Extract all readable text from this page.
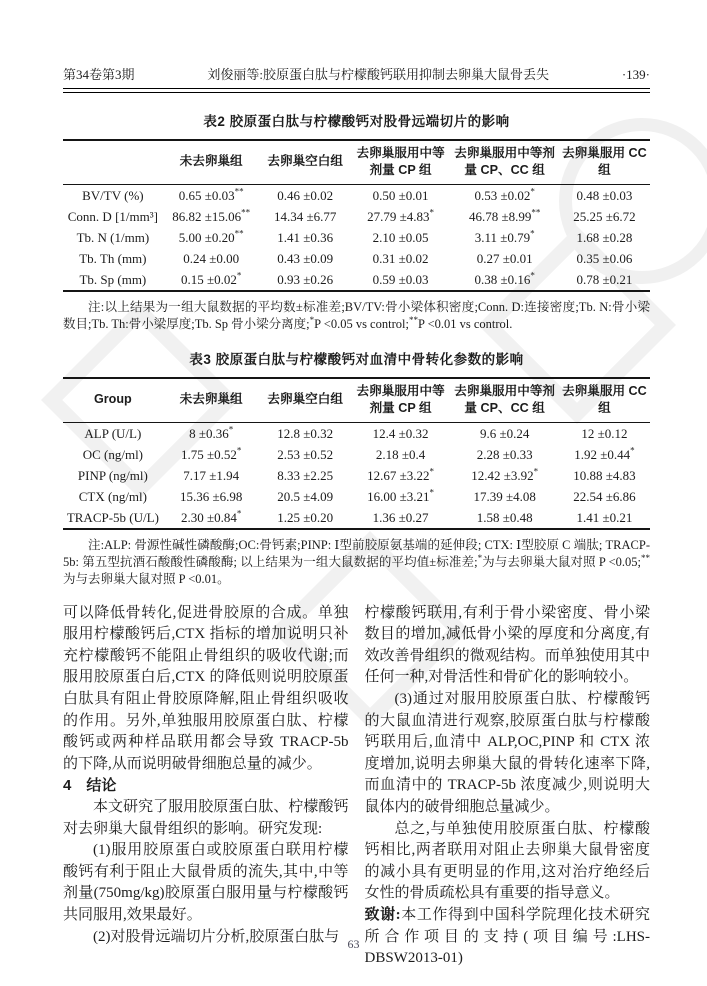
第34卷第3期	刘俊丽等:胶原蛋白肽与柠檬酸钙联用抑制去卵巢大鼠骨丢失	·139·
表2 胶原蛋白肽与柠檬酸钙对股骨远端切片的影响
	未去卵巢组	去卵巢空白组	去卵巢服用中等剂量 CP 组	去卵巢服用中等剂量 CP、CC 组	去卵巢服用 CC 组
BV/TV (%)	0.65 ±0.03**	0.46 ±0.02	0.50 ±0.01	0.53 ±0.02*	0.48 ±0.03
Conn. D [1/mm³]	86.82 ±15.06**	14.34 ±6.77	27.79 ±4.83*	46.78 ±8.99**	25.25 ±6.72
Tb. N (1/mm)	5.00 ±0.20**	1.41 ±0.36	2.10 ±0.05	3.11 ±0.79*	1.68 ±0.28
Tb. Th (mm)	0.24 ±0.00	0.43 ±0.09	0.31 ±0.02	0.27 ±0.01	0.35 ±0.06
Tb. Sp (mm)	0.15 ±0.02*	0.93 ±0.26	0.59 ±0.03	0.38 ±0.16*	0.78 ±0.21

注:以上结果为一组大鼠数据的平均数±标准差;BV/TV:骨小梁体积密度;Conn. D:连接密度;Tb. N:骨小梁数目;Tb. Th:骨小梁厚度;Tb. Sp 骨小梁分离度;*P <0.05 vs control;**P <0.01 vs control.

表3 胶原蛋白肽与柠檬酸钙对血清中骨转化参数的影响
Group	未去卵巢组	去卵巢空白组	去卵巢服用中等剂量 CP 组	去卵巢服用中等剂量 CP、CC 组	去卵巢服用 CC 组
ALP (U/L)	8 ±0.36*	12.8 ±0.32	12.4 ±0.32	9.6 ±0.24	12 ±0.12
OC (ng/ml)	1.75 ±0.52*	2.53 ±0.52	2.18 ±0.4	2.28 ±0.33	1.92 ±0.44*
PINP (ng/ml)	7.17 ±1.94	8.33 ±2.25	12.67 ±3.22*	12.42 ±3.92*	10.88 ±4.83
CTX (ng/ml)	15.36 ±6.98	20.5 ±4.09	16.00 ±3.21*	17.39 ±4.08	22.54 ±6.86
TRACP-5b (U/L)	2.30 ±0.84*	1.25 ±0.20	1.36 ±0.27	1.58 ±0.48	1.41 ±0.21

注:ALP: 骨源性碱性磷酸酶;OC:骨钙素;PINP: Ⅰ型前胶原氨基端的延伸段; CTX: Ⅰ型胶原 C 端肽; TRACP-5b: 第五型抗酒石酸酸性磷酸酶; 以上结果为一组大鼠数据的平均值±标准差;*为与去卵巢大鼠对照 P <0.05;**为与去卵巢大鼠对照 P <0.01。

可以降低骨转化,促进骨胶原的合成。单独服用柠檬酸钙后,CTX 指标的增加说明只补充柠檬酸钙不能阻止骨组织的吸收代谢;而服用胶原蛋白后,CTX 的降低则说明胶原蛋白肽具有阻止骨胶原降解,阻止骨组织吸收的作用。另外,单独服用胶原蛋白肽、柠檬酸钙或两种样品联用都会导致 TRACP-5b 的下降,从而说明破骨细胞总量的减少。

4　结论

本文研究了服用胶原蛋白肽、柠檬酸钙对去卵巢大鼠骨组织的影响。研究发现:

(1)服用胶原蛋白或胶原蛋白联用柠檬酸钙有利于阻止大鼠骨质的流失,其中,中等剂量(750mg/kg)胶原蛋白服用量与柠檬酸钙共同服用,效果最好。

(2)对股骨远端切片分析,胶原蛋白肽与

柠檬酸钙联用,有利于骨小梁密度、骨小梁数目的增加,减低骨小梁的厚度和分离度,有效改善骨组织的微观结构。而单独使用其中任何一种,对骨活性和骨矿化的影响较小。

(3)通过对服用胶原蛋白肽、柠檬酸钙的大鼠血清进行观察,胶原蛋白肽与柠檬酸钙联用后,血清中 ALP,OC,PINP 和 CTX 浓度增加,说明去卵巢大鼠的骨转化速率下降,而血清中的 TRACP-5b 浓度减少,则说明大鼠体内的破骨细胞总量减少。

总之,与单独使用胶原蛋白肽、柠檬酸钙相比,两者联用对阻止去卵巢大鼠骨密度的减小具有更明显的作用,这对治疗绝经后女性的骨质疏松具有重要的指导意义。

致谢:本工作得到中国科学院理化技术研究所合作项目的支持(项目编号:LHS-DBSW2013-01)

63
